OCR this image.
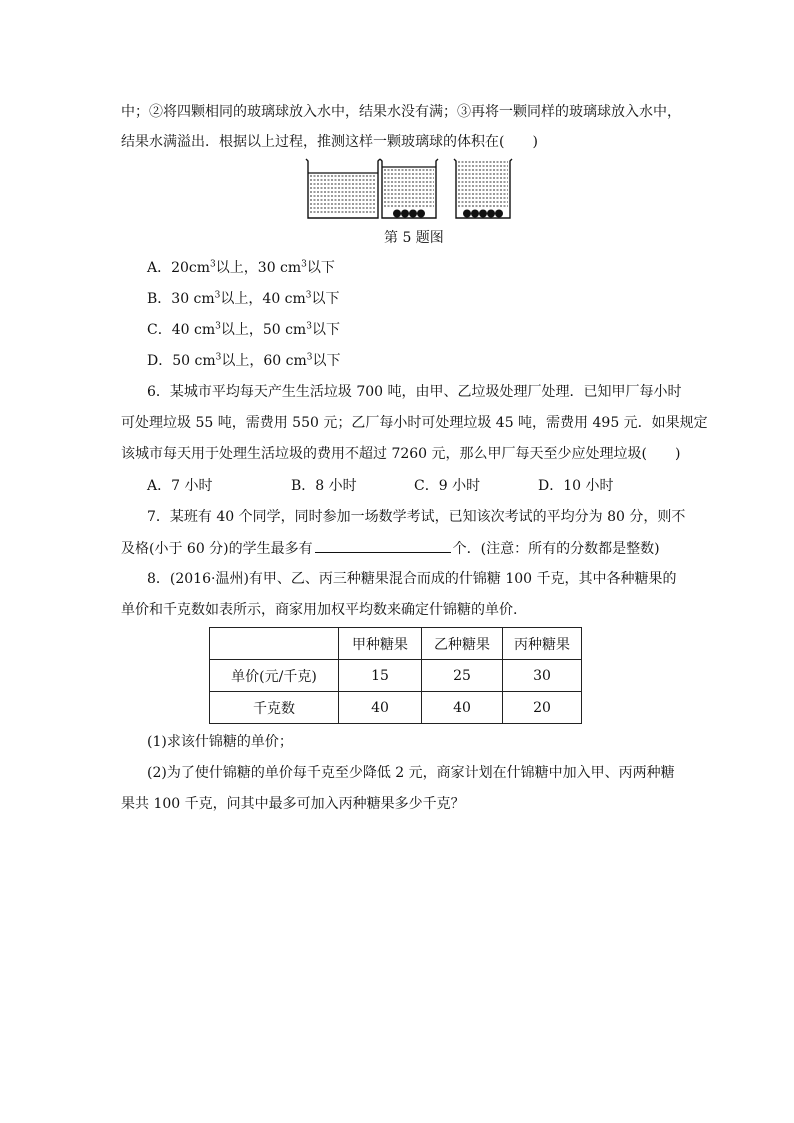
中；②将四颗相同的玻璃球放入水中，结果水没有满；③再将一颗同样的玻璃球放入水中，
结果水满溢出．根据以上过程，推测这样一颗玻璃球的体积在(　　)
第 5 题图
A．$20cm^3$以上，30 $cm^3$以下
B．30 $cm^3$以上，40 $cm^3$以下
C．40 $cm^3$以上，50 $cm^3$以下
D．50 $cm^3$以上，60 $cm^3$以下
6．某城市平均每天产生生活垃圾 700 吨，由甲、乙垃圾处理厂处理．已知甲厂每小时
可处理垃圾 55 吨，需费用 550 元；乙厂每小时可处理垃圾 45 吨，需费用 495 元．如果规定
该城市每天用于处理生活垃圾的费用不超过 7260 元，那么甲厂每天至少应处理垃圾(　　)
A．7 小时	B．8 小时	C．9 小时	D．10 小时
7．某班有 40 个同学，同时参加一场数学考试，已知该次考试的平均分为 80 分，则不
及格(小于 60 分)的学生最多有	个．(注意：所有的分数都是整数)
8．(2016·温州)有甲、乙、丙三种糖果混合而成的什锦糖 100 千克，其中各种糖果的
单价和千克数如表所示，商家用加权平均数来确定什锦糖的单价.
	甲种糖果	乙种糖果	丙种糖果
单价(元/千克)	15	25	30
千克数	40	40	20
(1)求该什锦糖的单价；
(2)为了使什锦糖的单价每千克至少降低 2 元，商家计划在什锦糖中加入甲、丙两种糖
果共 100 千克，问其中最多可加入丙种糖果多少千克？
